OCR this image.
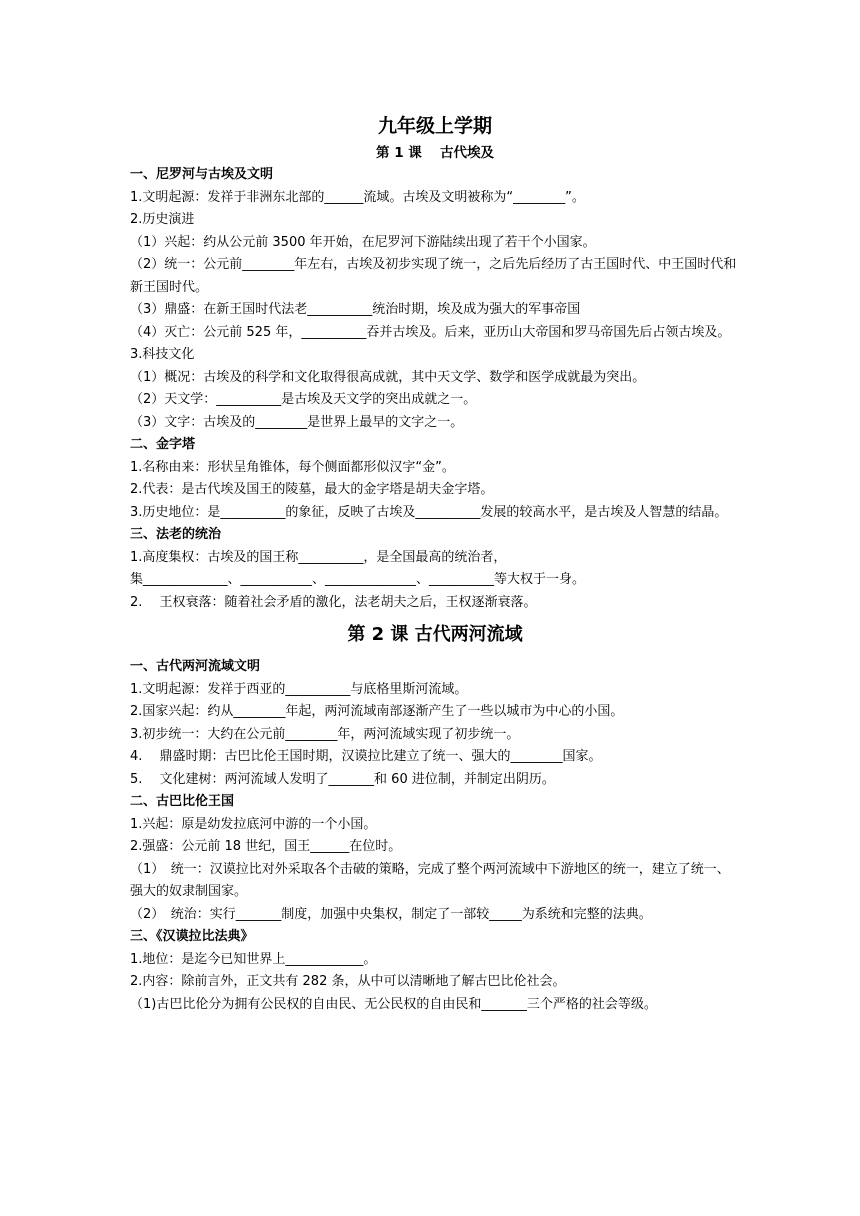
九年级上学期
第 1 课　 古代埃及
一、尼罗河与古埃及文明
1.文明起源：发祥于非洲东北部的______流域。古埃及文明被称为“________”。
2.历史演进
（1）兴起：约从公元前 3500 年开始，在尼罗河下游陆续出现了若干个小国家。
（2）统一：公元前________年左右，古埃及初步实现了统一，之后先后经历了古王国时代、中王国时代和新王国时代。
（3）鼎盛：在新王国时代法老__________统治时期，埃及成为强大的军事帝国
（4）灭亡：公元前 525 年，__________吞并古埃及。后来，亚历山大帝国和罗马帝国先后占领古埃及。
3.科技文化
（1）概况：古埃及的科学和文化取得很高成就，其中天文学、数学和医学成就最为突出。
（2）天文学：__________是古埃及天文学的突出成就之一。
（3）文字：古埃及的________是世界上最早的文字之一。
二、金字塔
1.名称由来：形状呈角锥体，每个侧面都形似汉字“金”。
2.代表：是古代埃及国王的陵墓，最大的金字塔是胡夫金字塔。
3.历史地位：是__________的象征，反映了古埃及__________发展的较高水平，是古埃及人智慧的结晶。
三、法老的统治
1.高度集权：古埃及的国王称__________，是全国最高的统治者，
集_____________、___________、______________、__________等大权于一身。
2.　 王权衰落：随着社会矛盾的激化，法老胡夫之后，王权逐渐衰落。
第 2 课 古代两河流域
一、古代两河流域文明
1.文明起源：发祥于西亚的__________与底格里斯河流域。
2.国家兴起：约从________年起，两河流域南部逐渐产生了一些以城市为中心的小国。
3.初步统一：大约在公元前________年，两河流域实现了初步统一。
4.　 鼎盛时期：古巴比伦王国时期，汉谟拉比建立了统一、强大的________国家。
5.　 文化建树：两河流域人发明了_______和 60 进位制，并制定出阴历。
二、古巴比伦王国
1.兴起：原是幼发拉底河中游的一个小国。
2.强盛：公元前 18 世纪，国王______在位时。
（1）　统一：汉谟拉比对外采取各个击破的策略，完成了整个两河流域中下游地区的统一，建立了统一、强大的奴隶制国家。
（2）　统治：实行_______制度，加强中央集权，制定了一部较_____为系统和完整的法典。
三、《汉谟拉比法典》
1.地位：是迄今已知世界上____________。
2.内容：除前言外，正文共有 282 条，从中可以清晰地了解古巴比伦社会。
（1)古巴比伦分为拥有公民权的自由民、无公民权的自由民和_______三个严格的社会等级。
